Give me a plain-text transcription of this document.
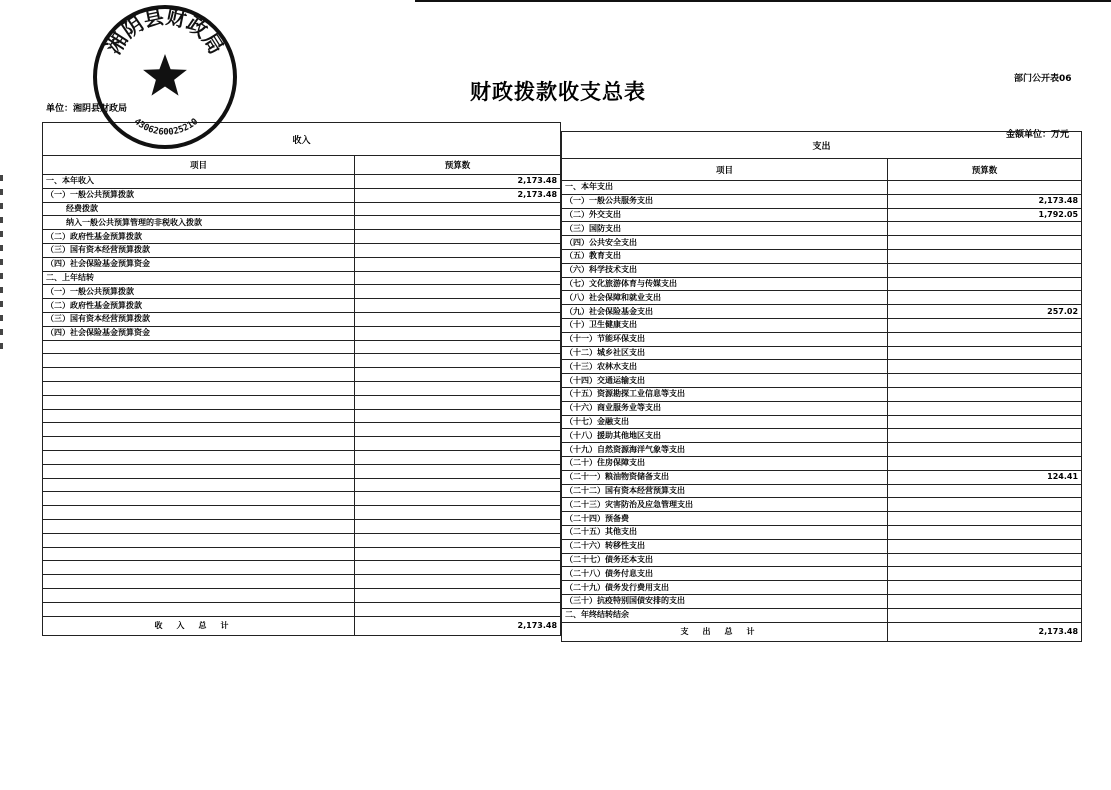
财政拨款收支总表	部门公开表06
单位：湘阴县财政局
金额单位：万元
收入	
项目	预算数
一、本年收入	2,173.48
（一）一般公共预算拨款	2,173.48
经费拨款	
纳入一般公共预算管理的非税收入拨款	
（二）政府性基金预算拨款	
（三）国有资本经营预算拨款	
（四）社会保险基金预算资金	
二、上年结转	
（一）一般公共预算拨款	
（二）政府性基金预算拨款	
（三）国有资本经营预算拨款	
（四）社会保险基金预算资金	

收入总计	2,173.48
支出	
项目	预算数
一、本年支出	
（一）一般公共服务支出	2,173.48
（二）外交支出	1,792.05
（三）国防支出	
（四）公共安全支出	
（五）教育支出	
（六）科学技术支出	
（七）文化旅游体育与传媒支出	
（八）社会保障和就业支出	
（九）社会保险基金支出	257.02
（十）卫生健康支出	
（十一）节能环保支出	
（十二）城乡社区支出	
（十三）农林水支出	
（十四）交通运输支出	
（十五）资源勘探工业信息等支出	
（十六）商业服务业等支出	
（十七）金融支出	
（十八）援助其他地区支出	
（十九）自然资源海洋气象等支出	
（二十）住房保障支出	
（二十一）粮油物资储备支出	124.41
（二十二）国有资本经营预算支出	
（二十三）灾害防治及应急管理支出	
（二十四）预备费	
（二十五）其他支出	
（二十六）转移性支出	
（二十七）债务还本支出	
（二十八）债务付息支出	
（二十九）债务发行费用支出	
（三十）抗疫特别国债安排的支出	
二、年终结转结余	
支出总计	2,173.48
湘阴县财政局
4306260025210
